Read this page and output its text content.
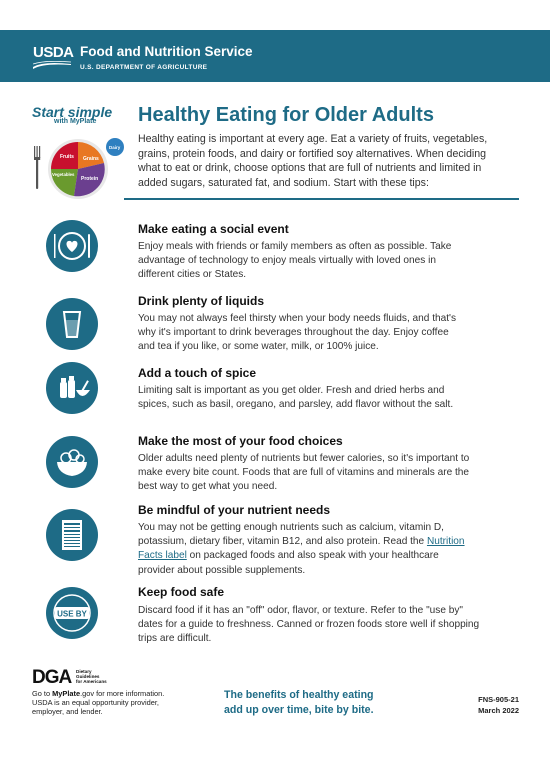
USDA Food and Nutrition Service
U.S. DEPARTMENT OF AGRICULTURE
Start simple
with MyPlate
Fruits Grains
Vegetables
Protein
Dairy
Healthy Eating for Older Adults
Healthy eating is important at every age. Eat a variety of fruits, vegetables,
grains, protein foods, and dairy or fortified soy alternatives. When deciding
what to eat or drink, choose options that are full of nutrients and limited in
added sugars, saturated fat, and sodium. Start with these tips:
Make eating a social event
Enjoy meals with friends or family members as often as possible. Take
advantage of technology to enjoy meals virtually with loved ones in
different cities or States.
Drink plenty of liquids
You may not always feel thirsty when your body needs fluids, and that's
why it's important to drink beverages throughout the day. Enjoy coffee
and tea if you like, or some water, milk, or 100% juice.
Add a touch of spice
Limiting salt is important as you get older. Fresh and dried herbs and
spices, such as basil, oregano, and parsley, add flavor without the salt.
Make the most of your food choices
Older adults need plenty of nutrients but fewer calories, so it's important to
make every bite count. Foods that are full of vitamins and minerals are the
best way to get what you need.
Be mindful of your nutrient needs
You may not be getting enough nutrients such as calcium, vitamin D,
potassium, dietary fiber, vitamin B12, and also protein. Read the Nutrition
Facts label on packaged foods and also speak with your healthcare
provider about possible supplements.
USE BY
Keep food safe
Discard food if it has an "off" odor, flavor, or texture. Refer to the "use by"
dates for a guide to freshness. Canned or frozen foods store well if shopping
trips are difficult.
DGA Dietary
Guidelines
for Americans
Go to MyPlate.gov for more information.
USDA is an equal opportunity provider,
employer, and lender.
The benefits of healthy eating
add up over time, bite by bite.
FNS-905-21
March 2022
